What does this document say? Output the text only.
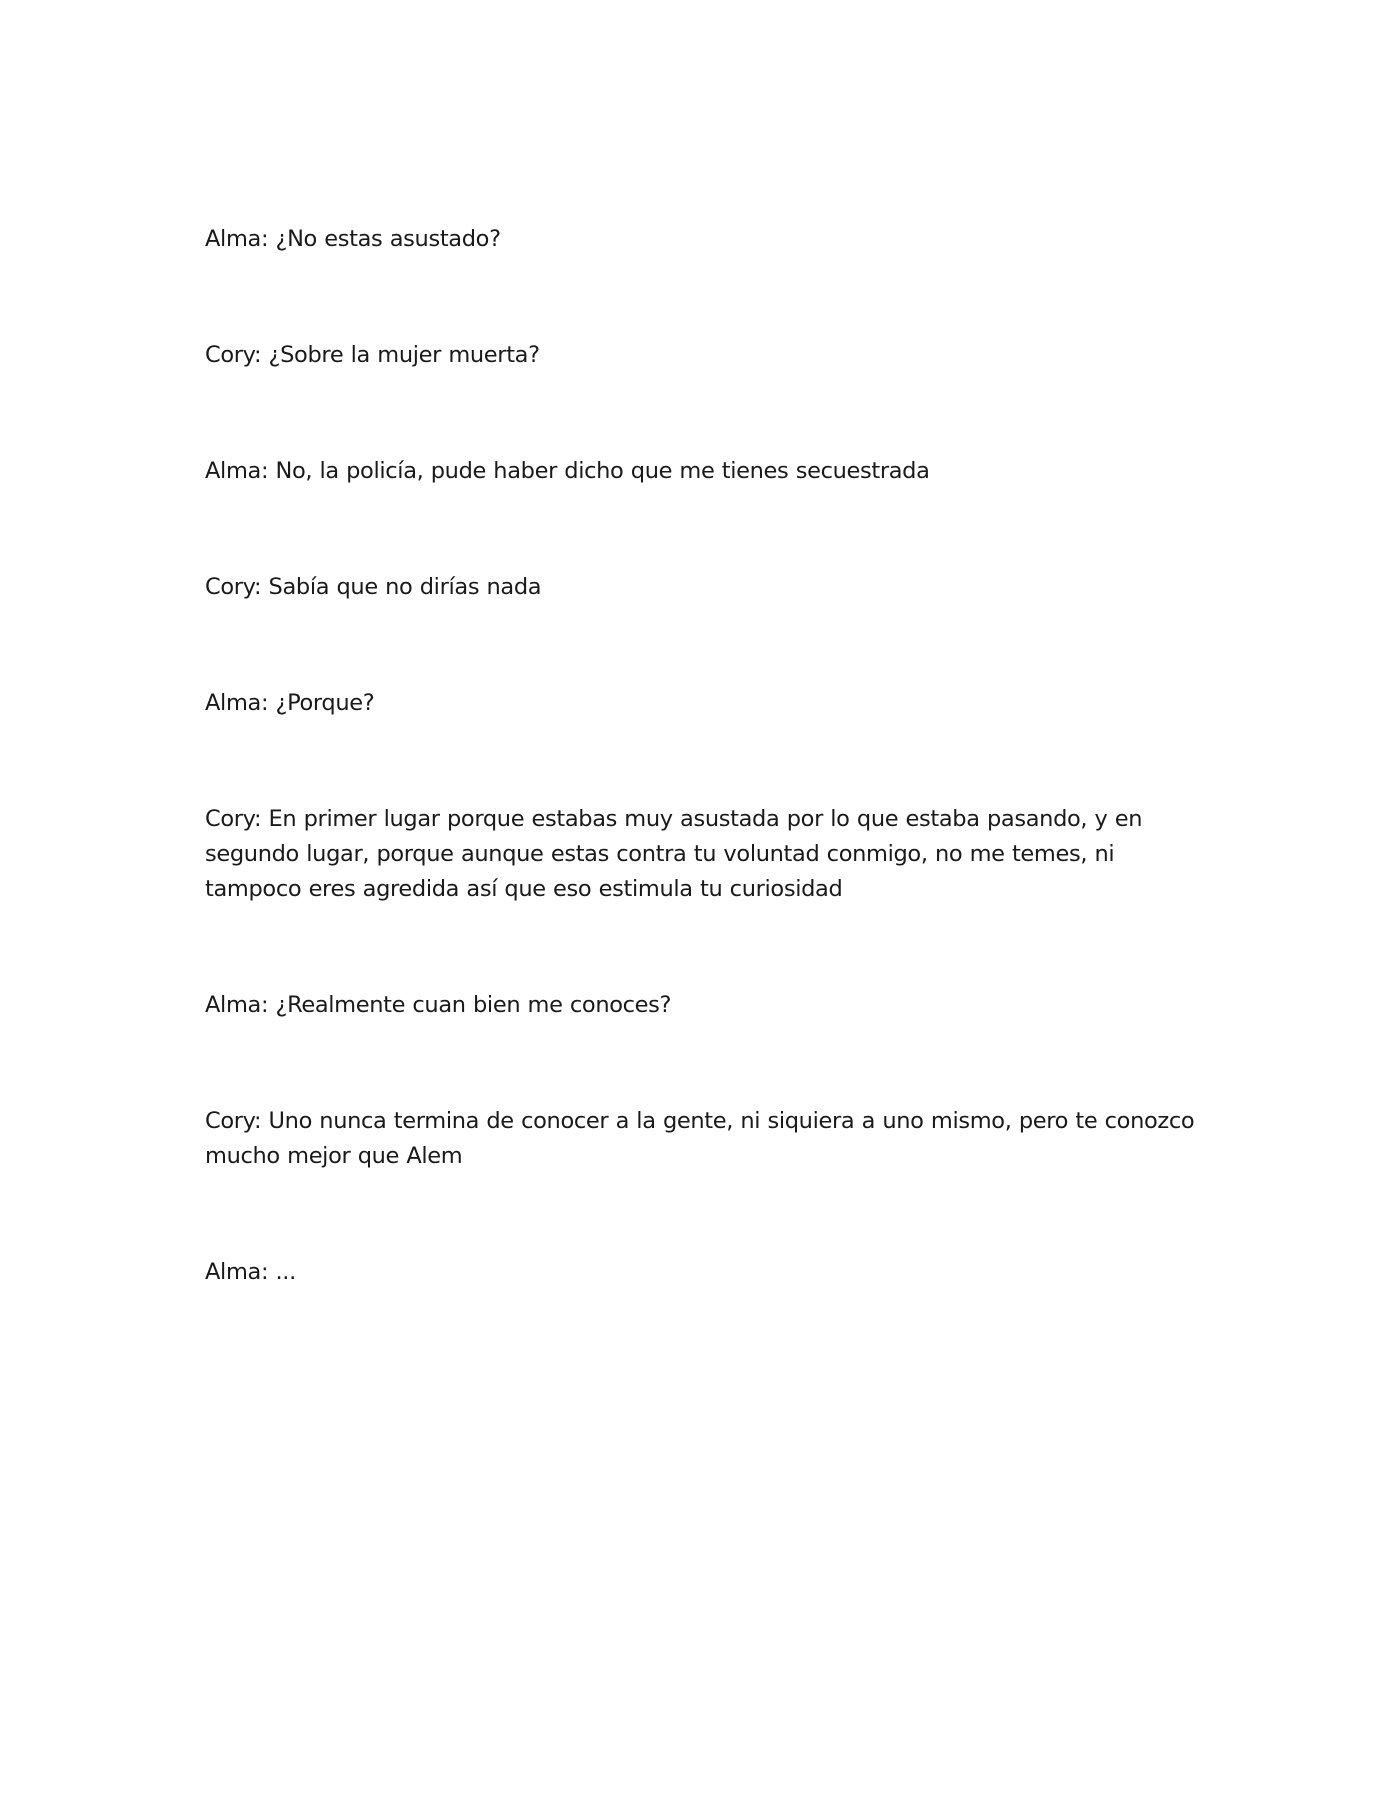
Alma: ¿No estas asustado?

Cory: ¿Sobre la mujer muerta?

Alma: No, la policía, pude haber dicho que me tienes secuestrada

Cory: Sabía que no dirías nada

Alma: ¿Porque?

Cory: En primer lugar porque estabas muy asustada por lo que estaba pasando, y en segundo lugar, porque aunque estas contra tu voluntad conmigo, no me temes, ni tampoco eres agredida así que eso estimula tu curiosidad

Alma: ¿Realmente cuan bien me conoces?

Cory: Uno nunca termina de conocer a la gente, ni siquiera a uno mismo, pero te conozco mucho mejor que Alem

Alma: ...
